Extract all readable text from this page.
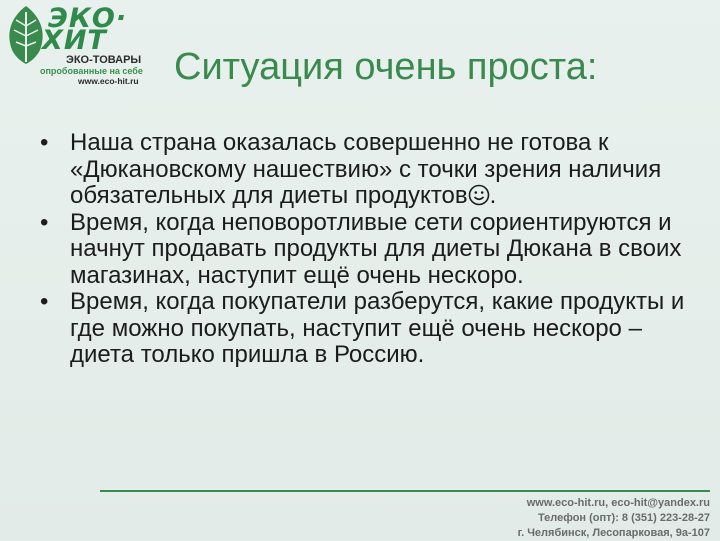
ЭКО·
ХИТ
ЭКО-ТОВАРЫ
опробованные на себе
www.eco-hit.ru Ситуация очень проста:
• Наша страна оказалась совершенно не готова к «Дюкановскому нашествию» с точки зрения наличия обязательных для диеты продуктов .
• Время, когда неповоротливые сети сориентируются и начнут продавать продукты для диеты Дюкана в своих магазинах, наступит ещё очень нескоро.
• Время, когда покупатели разберутся, какие продукты и где можно покупать, наступит ещё очень нескоро – диета только пришла в Россию.
www.eco-hit.ru, eco-hit@yandex.ru
Телефон (опт): 8 (351) 223-28-27
г. Челябинск, Лесопарковая, 9а-107
